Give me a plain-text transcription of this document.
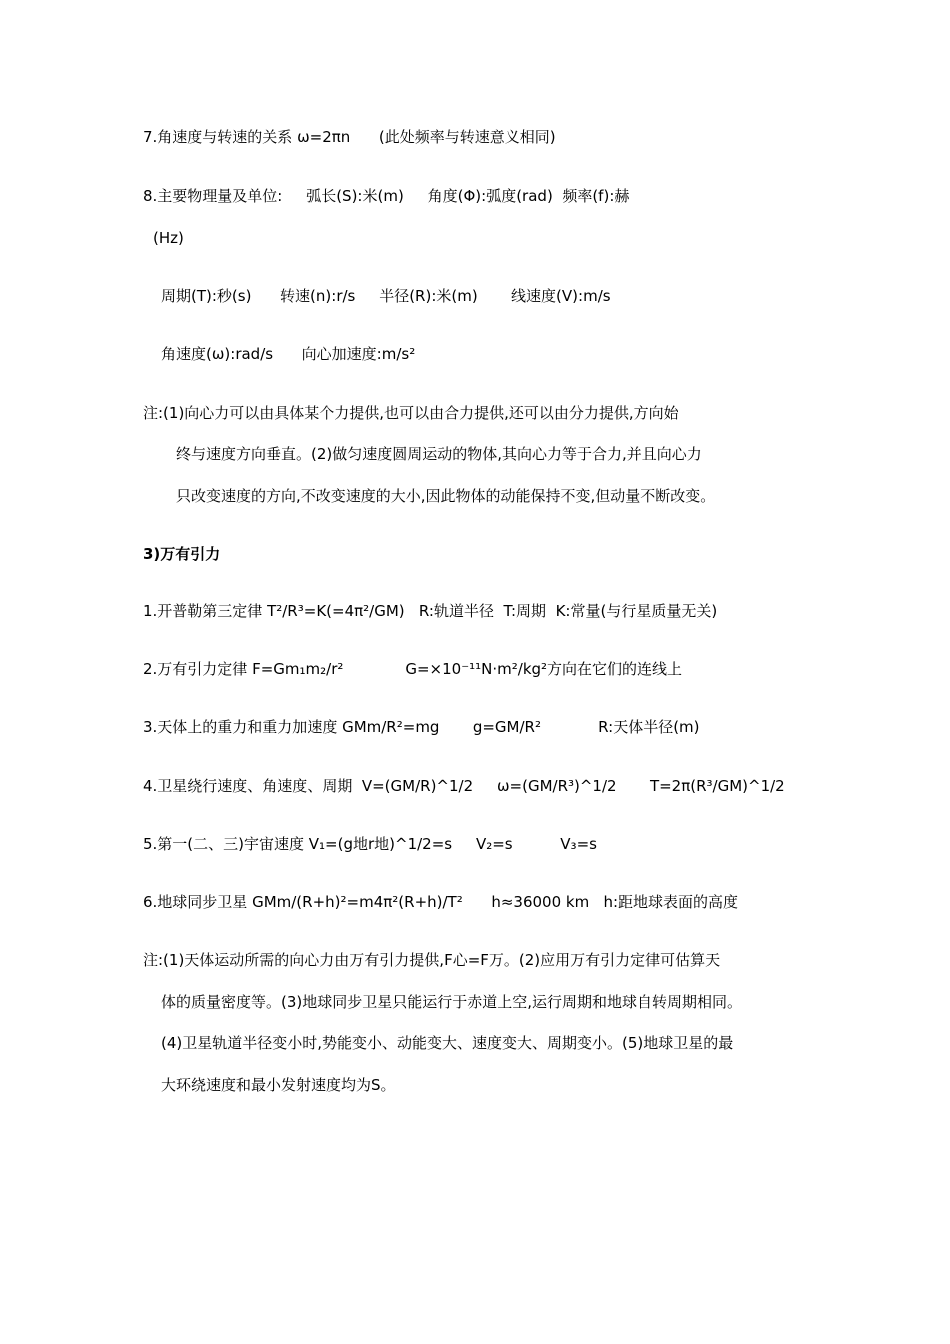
7.角速度与转速的关系 ω=2πn      (此处频率与转速意义相同)
8.主要物理量及单位:     弧长(S):米(m)     角度(Φ):弧度(rad)  频率(f):赫
(Hz)
周期(T):秒(s)      转速(n):r/s     半径(R):米(m)       线速度(V):m/s
角速度(ω):rad/s      向心加速度:m/s²
注:(1)向心力可以由具体某个力提供,也可以由合力提供,还可以由分力提供,方向始
终与速度方向垂直。(2)做匀速度圆周运动的物体,其向心力等于合力,并且向心力
只改变速度的方向,不改变速度的大小,因此物体的动能保持不变,但动量不断改变。
3)万有引力
1.开普勒第三定律 T²/R³=K(=4π²/GM)   R:轨道半径  T:周期  K:常量(与行星质量无关)
2.万有引力定律 F=Gm₁m₂/r²             G=×10⁻¹¹N·m²/kg²方向在它们的连线上
3.天体上的重力和重力加速度 GMm/R²=mg       g=GM/R²            R:天体半径(m)
4.卫星绕行速度、角速度、周期  V=(GM/R)^1/2     ω=(GM/R³)^1/2       T=2π(R³/GM)^1/2
5.第一(二、三)宇宙速度 V₁=(g地r地)^1/2=s     V₂=s          V₃=s
6.地球同步卫星 GMm/(R+h)²=m4π²(R+h)/T²      h≈36000 km   h:距地球表面的高度
注:(1)天体运动所需的向心力由万有引力提供,F心=F万。(2)应用万有引力定律可估算天
体的质量密度等。(3)地球同步卫星只能运行于赤道上空,运行周期和地球自转周期相同。
(4)卫星轨道半径变小时,势能变小、动能变大、速度变大、周期变小。(5)地球卫星的最
大环绕速度和最小发射速度均为S。
